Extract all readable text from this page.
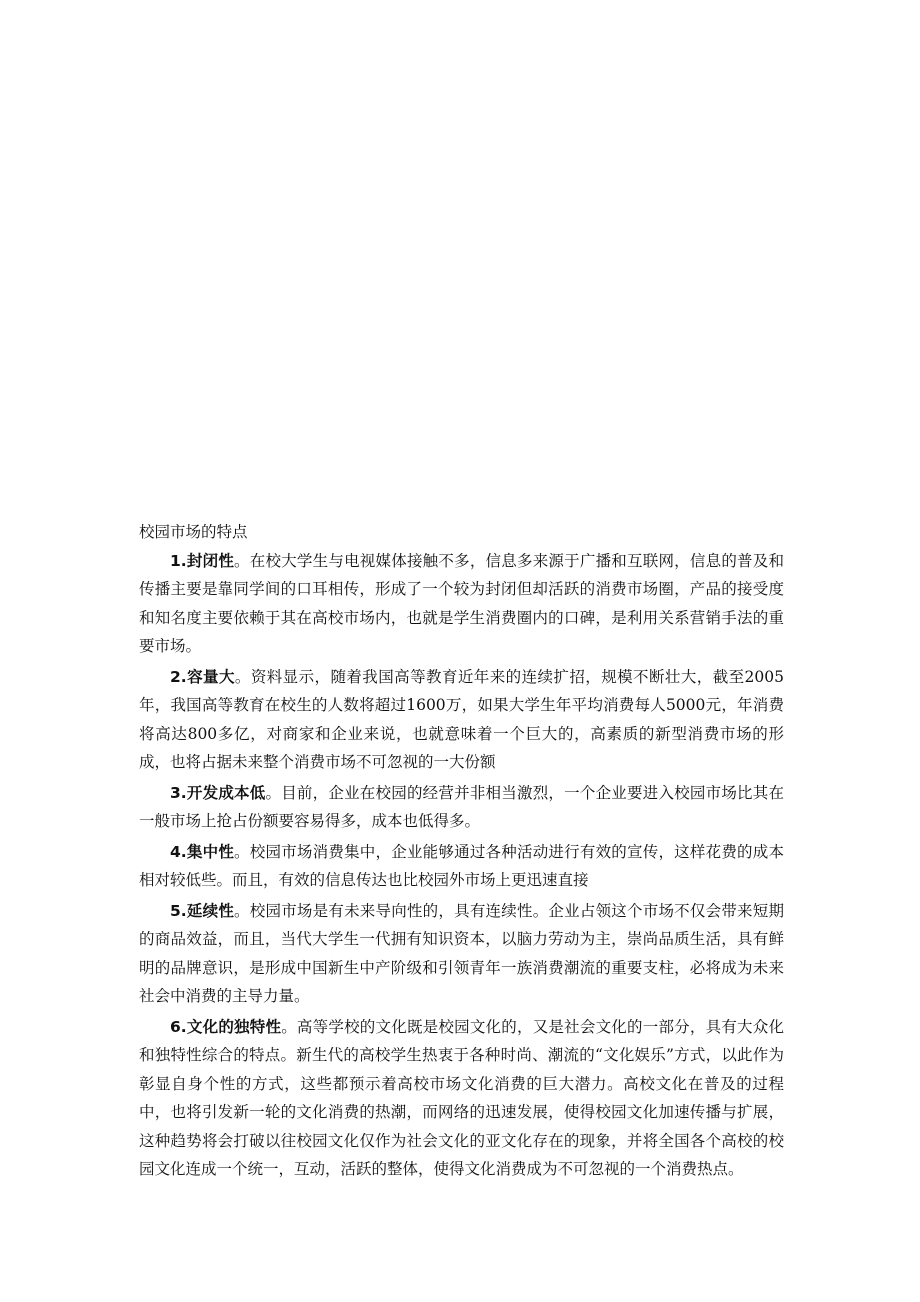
校园市场的特点

1.封闭性。在校大学生与电视媒体接触不多，信息多来源于广播和互联网，信息的普及和传播主要是靠同学间的口耳相传，形成了一个较为封闭但却活跃的消费市场圈，产品的接受度和知名度主要依赖于其在高校市场内，也就是学生消费圈内的口碑，是利用关系营销手法的重要市场。

2.容量大。资料显示，随着我国高等教育近年来的连续扩招，规模不断壮大，截至2005年，我国高等教育在校生的人数将超过1600万，如果大学生年平均消费每人5000元，年消费将高达800多亿，对商家和企业来说，也就意味着一个巨大的，高素质的新型消费市场的形成，也将占据未来整个消费市场不可忽视的一大份额

3.开发成本低。目前，企业在校园的经营并非相当激烈，一个企业要进入校园市场比其在一般市场上抢占份额要容易得多，成本也低得多。

4.集中性。校园市场消费集中，企业能够通过各种活动进行有效的宣传，这样花费的成本相对较低些。而且，有效的信息传达也比校园外市场上更迅速直接

5.延续性。校园市场是有未来导向性的，具有连续性。企业占领这个市场不仅会带来短期的商品效益，而且，当代大学生一代拥有知识资本，以脑力劳动为主，崇尚品质生活，具有鲜明的品牌意识，是形成中国新生中产阶级和引领青年一族消费潮流的重要支柱，必将成为未来社会中消费的主导力量。

6.文化的独特性。高等学校的文化既是校园文化的，又是社会文化的一部分，具有大众化和独特性综合的特点。新生代的高校学生热衷于各种时尚、潮流的“文化娱乐”方式，以此作为彰显自身个性的方式，这些都预示着高校市场文化消费的巨大潜力。高校文化在普及的过程中，也将引发新一轮的文化消费的热潮，而网络的迅速发展，使得校园文化加速传播与扩展，这种趋势将会打破以往校园文化仅作为社会文化的亚文化存在的现象，并将全国各个高校的校园文化连成一个统一，互动，活跃的整体，使得文化消费成为不可忽视的一个消费热点。
